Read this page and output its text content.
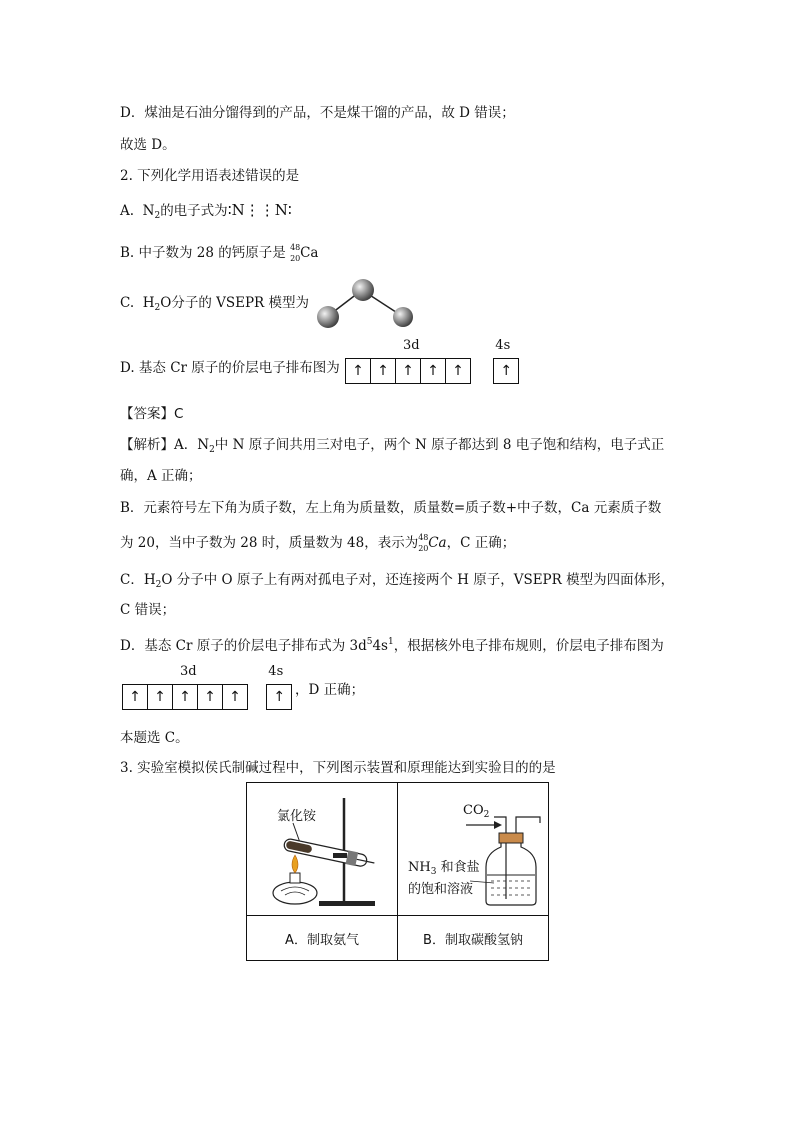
D．煤油是石油分馏得到的产品，不是煤干馏的产品，故 D 错误；
故选 D。
2. 下列化学用语表述错误的是
A. $N_2$的电子式为∶N⋮⋮N∶
B. 中子数为 28 的钙原子是 48
20 Ca
C.  $H_2O$分子的 VSEPR 模型为
D. 基态 Cr 原子的价层电子排布图为
3d
↑ ↑ ↑ ↑ ↑

4s
↑
【答案】C
【解析】A．$N_2$中 N 原子间共用三对电子，两个 N 原子都达到 8 电子饱和结构，电子式正
确，A 正确；
B．元素符号左下角为质子数，左上角为质量数，质量数=质子数+中子数，Ca 元素质子数
为 20，当中子数为 28 时，质量数为 48，表示为 48
20 Ca，C 正确；
C．$H_2O$ 分子中 O 原子上有两对孤电子对，还连接两个 H 原子，VSEPR 模型为四面体形，
C 错误；
D．基态 Cr 原子的价层电子排布式为 $3d^54s^1$，根据核外电子排布规则，价层电子排布图为
3d
↑ ↑ ↑ ↑ ↑

4s
↑ ，D 正确；
本题选 C。
3. 实验室模拟侯氏制碱过程中，下列图示装置和原理能达到实验目的的是
氯化铵	$CO_2$
$NH_3$ 和食盐
的饱和溶液

A．制取氨气	B．制取碳酸氢钠
